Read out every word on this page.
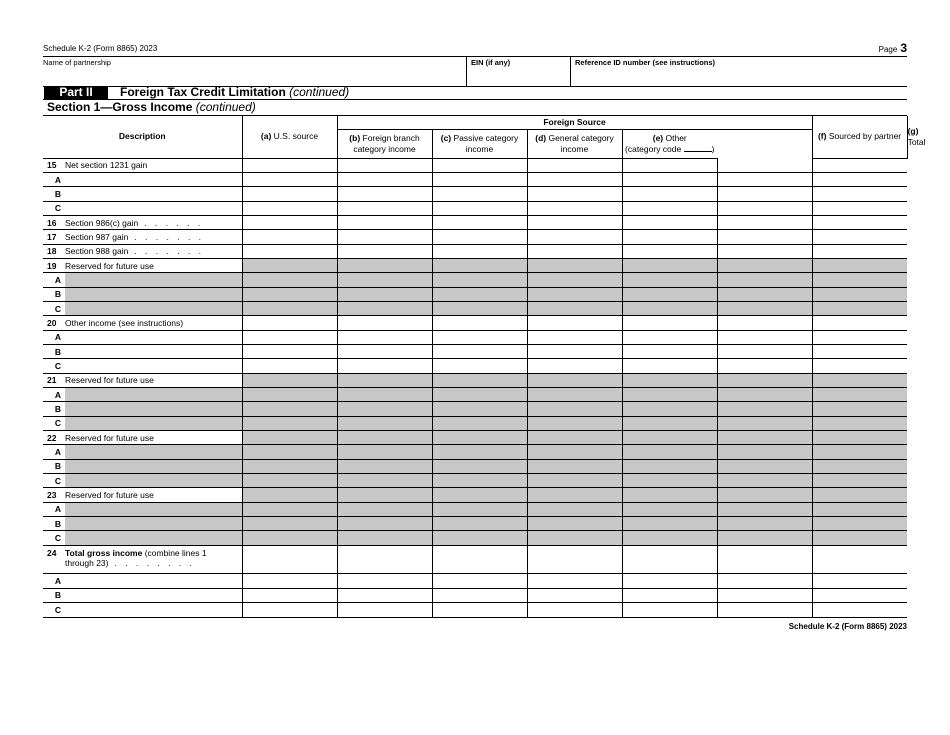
Schedule K-2 (Form 8865) 2023	Page 3
Name of partnership	EIN (if any)	Reference ID number (see instructions)
Part II	Foreign Tax Credit Limitation (continued)
Section 1—Gross Income (continued)
Description	(a) U.S. source	Foreign Source					(f) Sourced by partner	(g) Total
		(b) Foreign branch category income	(c) Passive category income	(d) General category income	(e) Other
(category code )			

15 Net section 1231 gain								

A								

B								

C								

16 Section 986(c) gain . . . . . .								

17 Section 987 gain . . . . . . .								

18 Section 988 gain . . . . . . .								

19 Reserved for future use								

A								

B								

C								

20 Other income (see instructions)								

A								

B								

C								

21 Reserved for future use								

A								

B								

C								

22 Reserved for future use								

A								

B								

C								

23 Reserved for future use								

A								

B								

C								

24 Total gross income (combine lines 1
through 23) . . . . . . . .								

A								

B								

C								

Schedule K-2 (Form 8865) 2023
